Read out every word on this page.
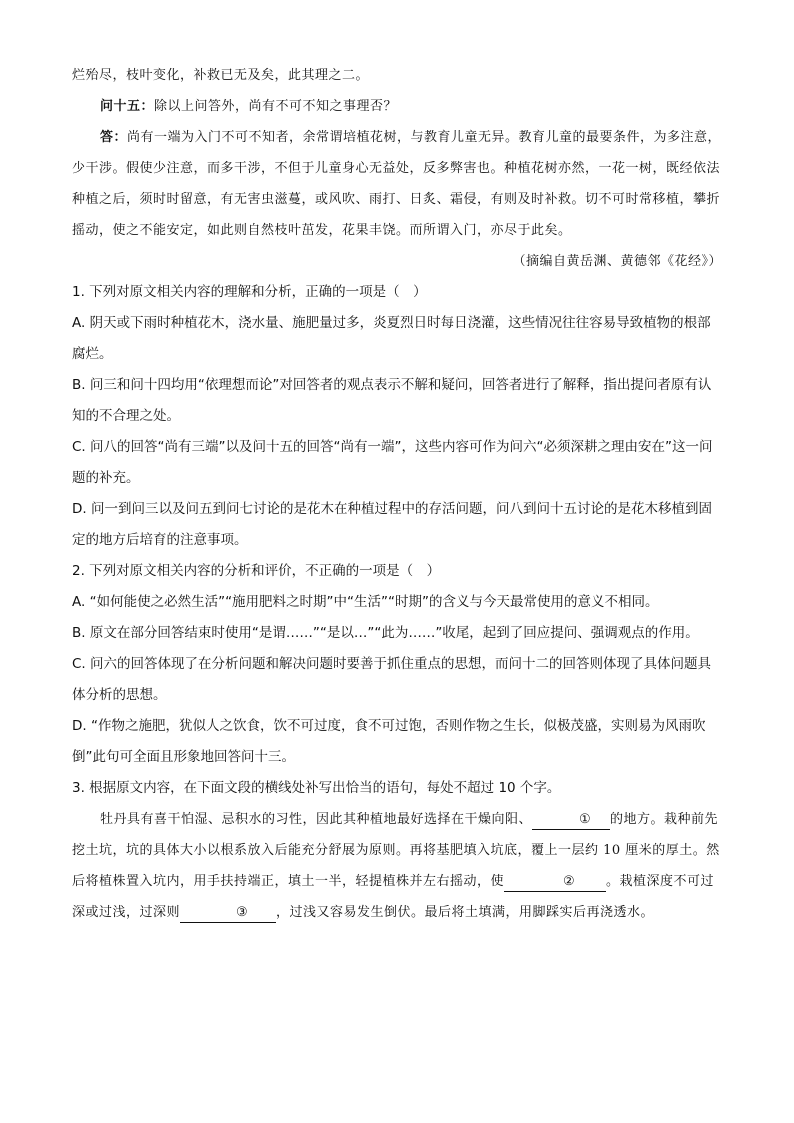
烂殆尽，枝叶变化，补救已无及矣，此其理之二。

问十五：除以上问答外，尚有不可不知之事理否？

答：尚有一端为入门不可不知者，余常谓培植花树，与教育儿童无异。教育儿童的最要条件，为多注意，少干涉。假使少注意，而多干涉，不但于儿童身心无益处，反多弊害也。种植花树亦然，一花一树，既经依法种植之后，须时时留意，有无害虫滋蔓，或风吹、雨打、日炙、霜侵，有则及时补救。切不可时常移植，攀折摇动，使之不能安定，如此则自然枝叶茁发，花果丰饶。而所谓入门，亦尽于此矣。

（摘编自黄岳渊、黄德邻《花经》）

1. 下列对原文相关内容的理解和分析，正确的一项是（　）

A. 阴天或下雨时种植花木，浇水量、施肥量过多，炎夏烈日时每日浇灌，这些情况往往容易导致植物的根部腐烂。

B. 问三和问十四均用“依理想而论”对回答者的观点表示不解和疑问，回答者进行了解释，指出提问者原有认知的不合理之处。

C. 问八的回答“尚有三端”以及问十五的回答“尚有一端”，这些内容可作为问六“必须深耕之理由安在”这一问题的补充。

D. 问一到问三以及问五到问七讨论的是花木在种植过程中的存活问题，问八到问十五讨论的是花木移植到固定的地方后培育的注意事项。

2. 下列对原文相关内容的分析和评价，不正确的一项是（　）

A. “如何能使之必然生活”“施用肥料之时期”中“生活”“时期”的含义与今天最常使用的意义不相同。

B. 原文在部分回答结束时使用“是谓……”“是以…”“此为……”收尾，起到了回应提问、强调观点的作用。

C. 问六的回答体现了在分析问题和解决问题时要善于抓住重点的思想，而问十二的回答则体现了具体问题具体分析的思想。

D. “作物之施肥，犹似人之饮食，饮不可过度，食不可过饱，否则作物之生长，似极茂盛，实则易为风雨吹倒”此句可全面且形象地回答问十三。

3. 根据原文内容，在下面文段的横线处补写出恰当的语句，每处不超过 10 个字。

牡丹具有喜干怕湿、忌积水的习性，因此其种植地最好选择在干燥向阳、	① 的地方。栽种前先挖土坑，坑的具体大小以根系放入后能充分舒展为原则。再将基肥填入坑底，覆上一层约 10 厘米的厚土。然后将植株置入坑内，用手扶持端正，填土一半，轻提植株并左右摇动，使	② 。栽植深度不可过深或过浅，过深则	③ ，过浅又容易发生倒伏。最后将土填满，用脚踩实后再浇透水。
